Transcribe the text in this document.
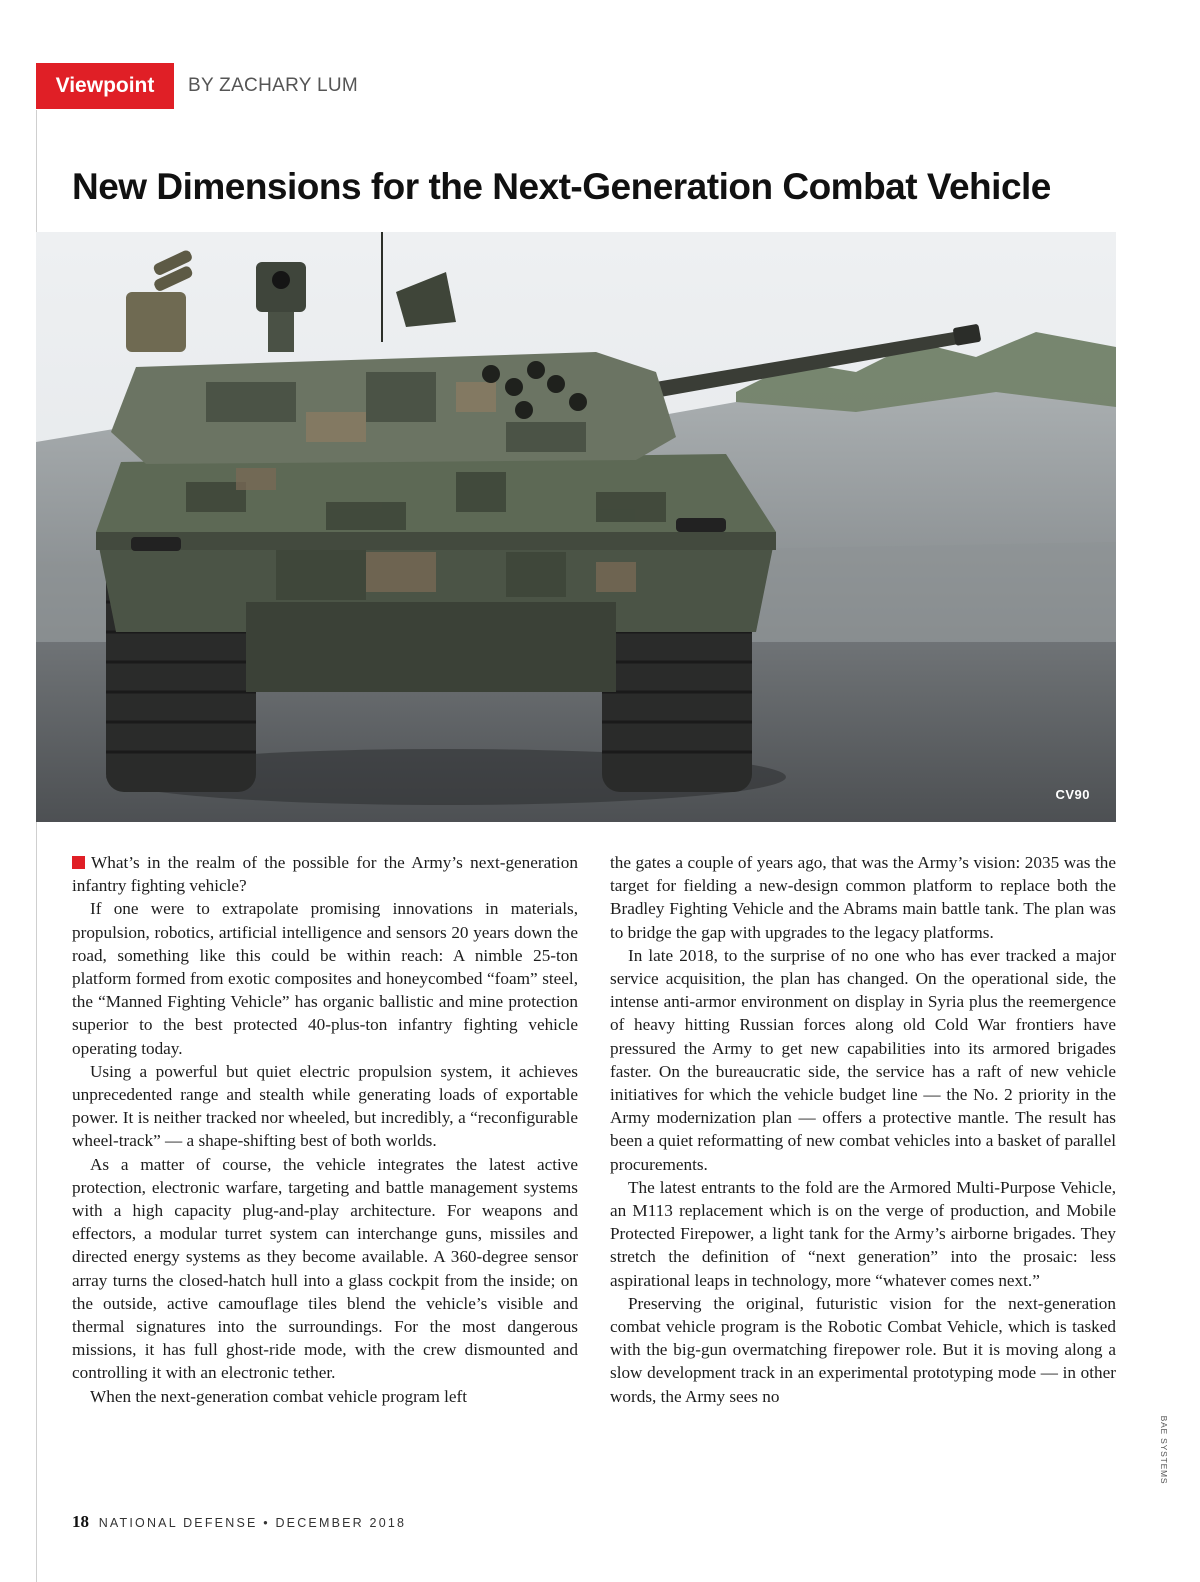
Viewpoint	BY ZACHARY LUM
New Dimensions for the Next-Generation Combat Vehicle
CV90

What’s in the realm of the possible for the Army’s next-generation infantry fighting vehicle?

If one were to extrapolate promising innovations in materials, propulsion, robotics, artificial intelligence and sensors 20 years down the road, something like this could be within reach: A nimble 25-ton platform formed from exotic composites and honeycombed “foam” steel, the “Manned Fighting Vehicle” has organic ballistic and mine protection superior to the best protected 40-plus-ton infantry fighting vehicle operating today.

Using a powerful but quiet electric propulsion system, it achieves unprecedented range and stealth while generating loads of exportable power. It is neither tracked nor wheeled, but incredibly, a “reconfigurable wheel-track” — a shape-shifting best of both worlds.

As a matter of course, the vehicle integrates the latest active protection, electronic warfare, targeting and battle management systems with a high capacity plug-and-play architecture. For weapons and effectors, a modular turret system can interchange guns, missiles and directed energy systems as they become available. A 360-degree sensor array turns the closed-hatch hull into a glass cockpit from the inside; on the outside, active camouflage tiles blend the vehicle’s visible and thermal signatures into the surroundings. For the most dangerous missions, it has full ghost-ride mode, with the crew dismounted and controlling it with an electronic tether.

When the next-generation combat vehicle program left

the gates a couple of years ago, that was the Army’s vision: 2035 was the target for fielding a new-design common platform to replace both the Bradley Fighting Vehicle and the Abrams main battle tank. The plan was to bridge the gap with upgrades to the legacy platforms.

In late 2018, to the surprise of no one who has ever tracked a major service acquisition, the plan has changed. On the operational side, the intense anti-armor environment on display in Syria plus the reemergence of heavy hitting Russian forces along old Cold War frontiers have pressured the Army to get new capabilities into its armored brigades faster. On the bureaucratic side, the service has a raft of new vehicle initiatives for which the vehicle budget line — the No. 2 priority in the Army modernization plan — offers a protective mantle. The result has been a quiet reformatting of new combat vehicles into a basket of parallel procurements.

The latest entrants to the fold are the Armored Multi-Purpose Vehicle, an M113 replacement which is on the verge of production, and Mobile Protected Firepower, a light tank for the Army’s airborne brigades. They stretch the definition of “next generation” into the prosaic: less aspirational leaps in technology, more “whatever comes next.”

Preserving the original, futuristic vision for the next-generation combat vehicle program is the Robotic Combat Vehicle, which is tasked with the big-gun overmatching firepower role. But it is moving along a slow development track in an experimental prototyping mode — in other words, the Army sees no

BAE SYSTEMS
18 NATIONAL DEFENSE • DECEMBER 2018
